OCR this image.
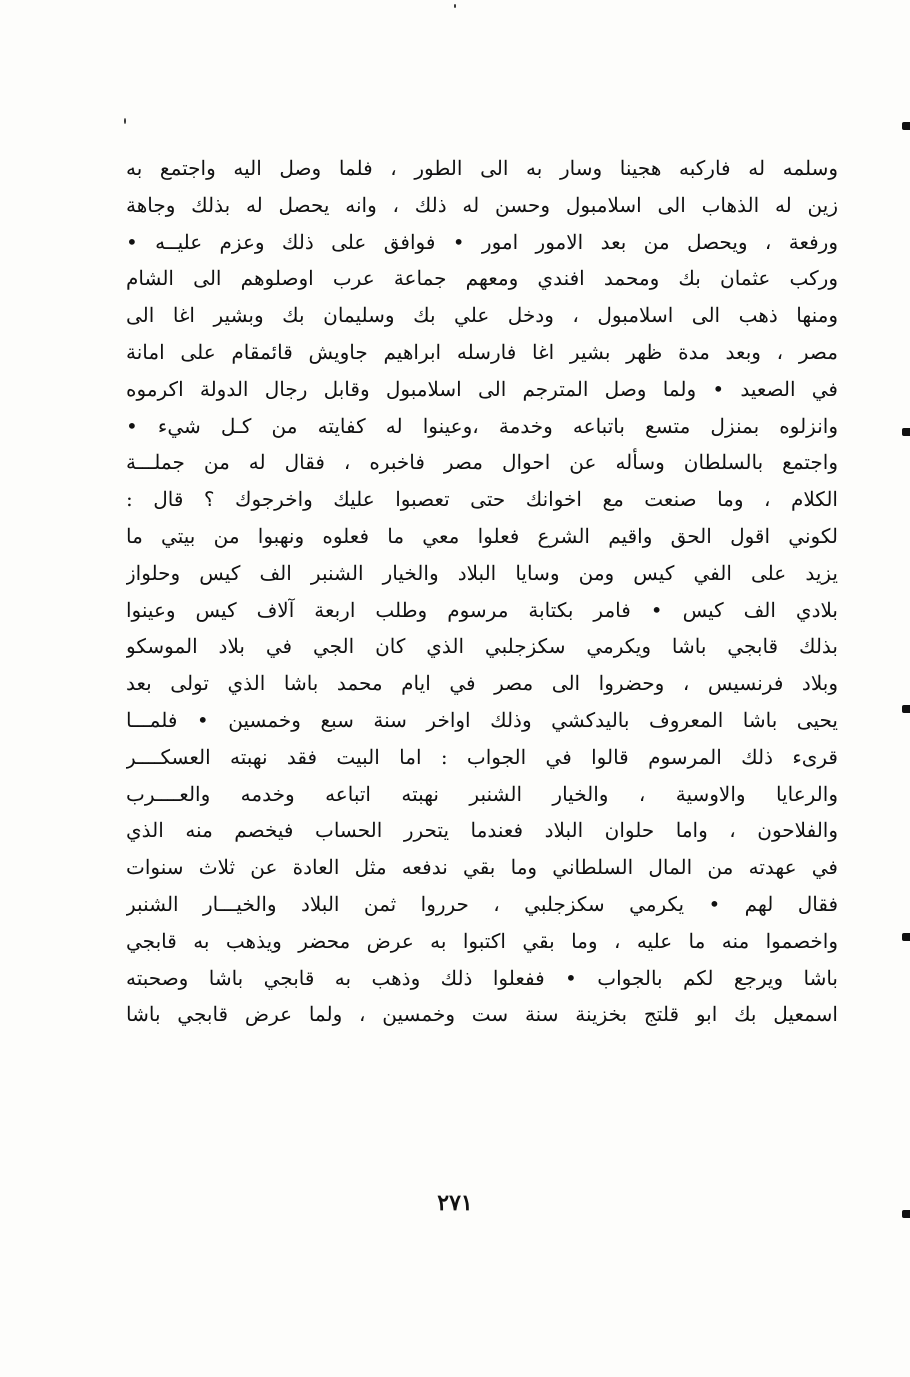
وسلمه له فاركبه هجينا وسار به الى الطور ، فلما وصل اليه واجتمع به
زين له الذهاب الى اسلامبول وحسن له ذلك ، وانه يحصل له بذلك وجاهة
ورفعة ، ويحصل من بعد الامور امور • فوافق على ذلك وعزم عليــه •
وركب عثمان بك ومحمد افندي ومعهم جماعة عرب اوصلوهم الى الشام
ومنها ذهب الى اسلامبول ، ودخل علي بك وسليمان بك وبشير اغا الى
مصر ، وبعد مدة ظهر بشير اغا فارسله ابراهيم جاويش قائمقام على امانة
في الصعيد • ولما وصل المترجم الى اسلامبول وقابل رجال الدولة اكرموه
وانزلوه بمنزل متسع باتباعه وخدمة ،وعينوا له كفايته من كـل شيء •
واجتمع بالسلطان وسأله عن احوال مصر فاخبره ، فقال له من جملـــة
الكلام ، وما صنعت مع اخوانك حتى تعصبوا عليك واخرجوك ؟ قال :
لكوني اقول الحق واقيم الشرع فعلوا معي ما فعلوه ونهبوا من بيتي ما
يزيد على الفي كيس ومن وسايا البلاد والخيار الشنبر الف كيس وحلواز
بلادي الف كيس • فامر بكتابة مرسوم وطلب اربعة آلاف كيس وعينوا
بذلك قابجي باشا ويكرمي سكزجلبي الذي كان الجي في بلاد الموسكو
وبلاد فرنسيس ، وحضروا الى مصر في ايام محمد باشا الذي تولى بعد
يحيى باشا المعروف باليدكشي وذلك اواخر سنة سبع وخمسين • فلمـــا
قرىء ذلك المرسوم قالوا في الجواب : اما البيت فقد نهبته العسكــــر
والرعايا والاوسية ، والخيار الشنبر نهبته اتباعه وخدمه والعــــرب
والفلاحون ، واما حلوان البلاد فعندما يتحرر الحساب فيخصم منه الذي
في عهدته من المال السلطاني وما بقي ندفعه مثل العادة عن ثلاث سنوات
فقال لهم • يكرمي سكزجلبي ، حرروا ثمن البلاد والخيـــار الشنبر
واخصموا منه ما عليه ، وما بقي اكتبوا به عرض محضر ويذهب به قابجي
باشا ويرجع لكم بالجواب • ففعلوا ذلك وذهب به قابجي باشا وصحبته
اسمعيل بك ابو قلتج بخزينة سنة ست وخمسين ، ولما عرض قابجي باشا
٢٧١
